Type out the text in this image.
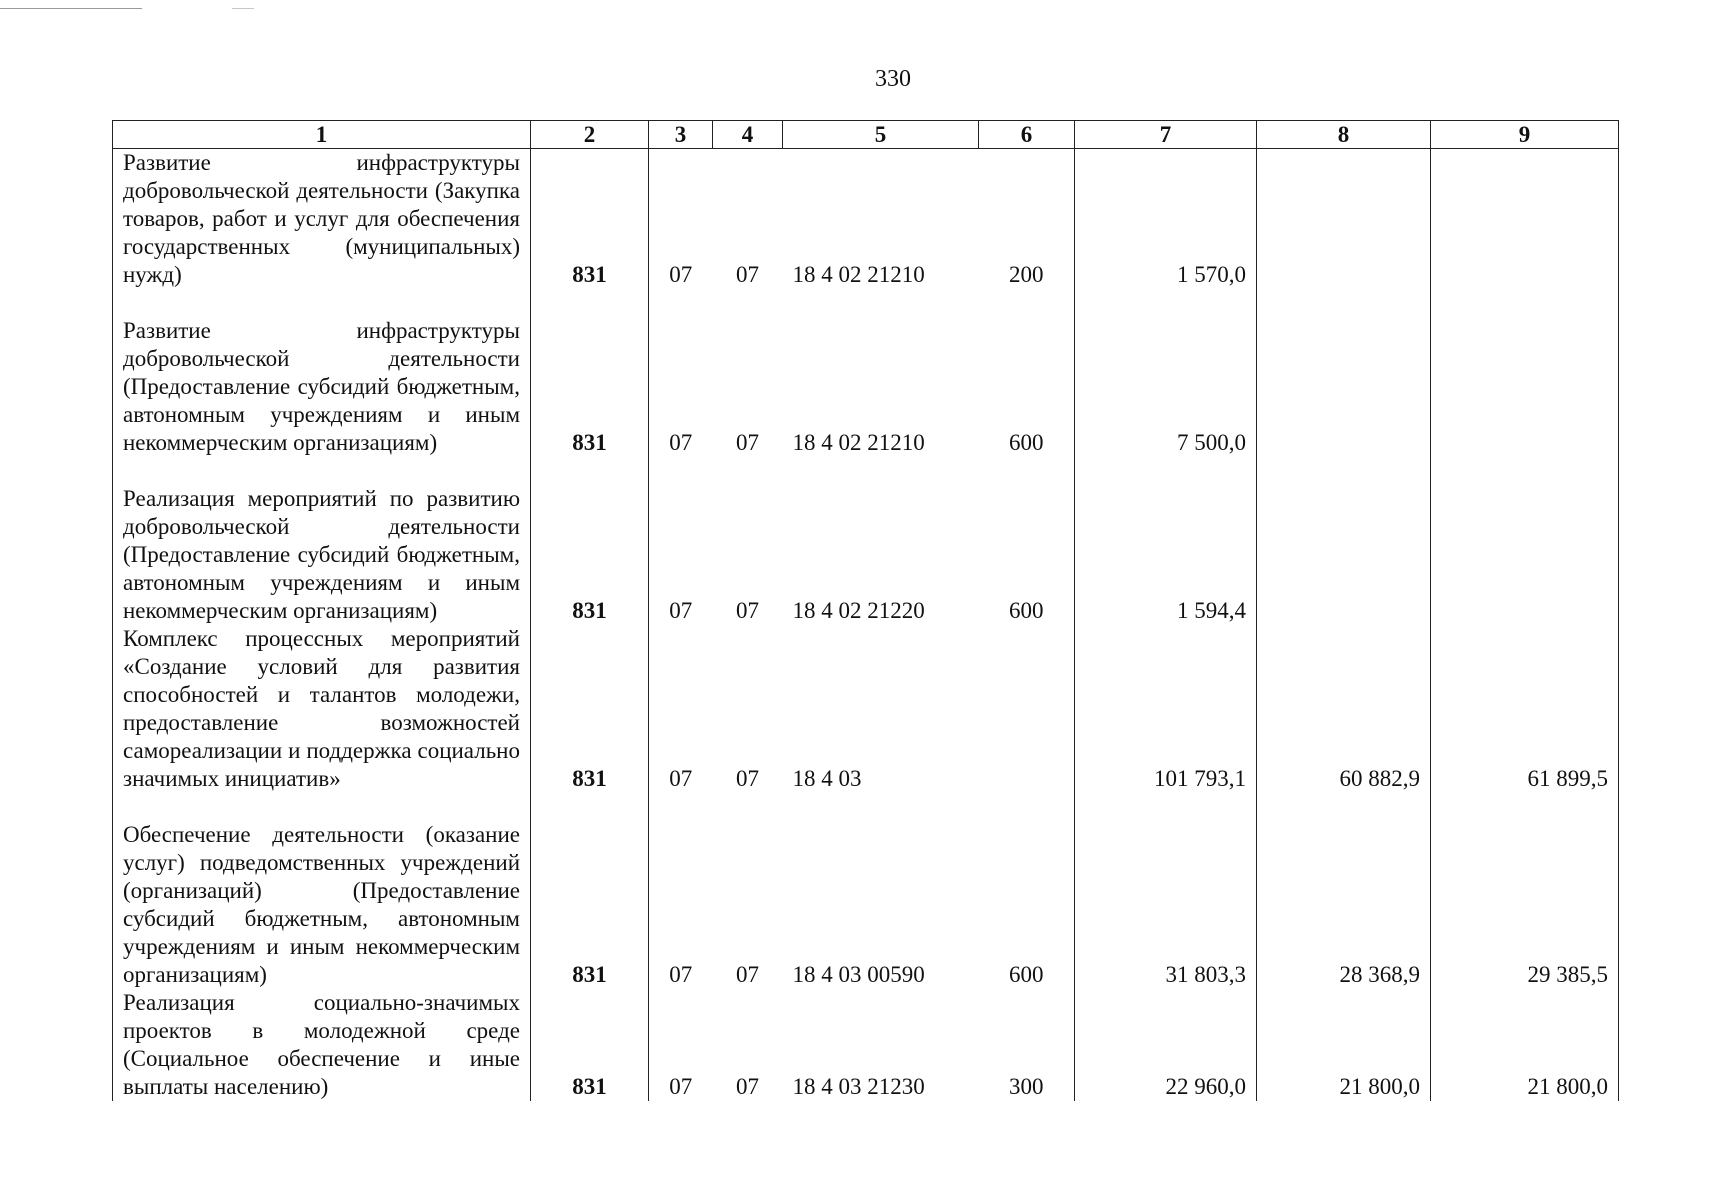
330
1	2	3	4	5	6	7	8	9
Развитие инфраструктуры добровольческой деятельности (Закупка товаров, работ и услуг для обеспечения государственных (муниципальных) нужд)	831	07	07	18 4 02 21210	200	1 570,0		
Развитие инфраструктуры добровольческой деятельности (Предоставление субсидий бюджетным, автономным учреждениям и иным некоммерческим организациям)	831	07	07	18 4 02 21210	600	7 500,0		
Реализация мероприятий по развитию добровольческой деятельности (Предоставление субсидий бюджетным, автономным учреждениям и иным некоммерческим организациям)	831	07	07	18 4 02 21220	600	1 594,4		
Комплекс процессных мероприятий «Создание условий для развития способностей и талантов молодежи, предоставление возможностей самореализации и поддержка социально значимых инициатив»	831	07	07	18 4 03		101 793,1	60 882,9	61 899,5
Обеспечение деятельности (оказание услуг) подведомственных учреждений (организаций) (Предоставление субсидий бюджетным, автономным учреждениям и иным некоммерческим организациям)	831	07	07	18 4 03 00590	600	31 803,3	28 368,9	29 385,5
Реализация социально-значимых проектов в молодежной среде (Социальное обеспечение и иные выплаты населению)	831	07	07	18 4 03 21230	300	22 960,0	21 800,0	21 800,0
